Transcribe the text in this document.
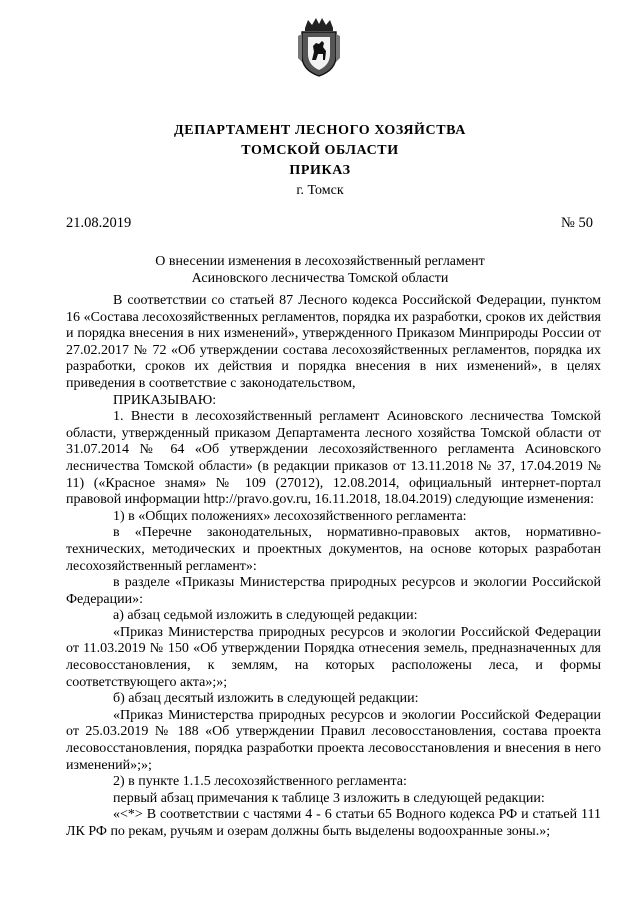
ДЕПАРТАМЕНТ ЛЕСНОГО ХОЗЯЙСТВА
ТОМСКОЙ ОБЛАСТИ
ПРИКАЗ
г. Томск
21.08.2019	№ 50
О внесении изменения в лесохозяйственный регламент
Асиновского лесничества Томской области

В соответствии со статьей 87 Лесного кодекса Российской Федерации, пунктом 16 «Состава лесохозяйственных регламентов, порядка их разработки, сроков их действия и порядка внесения в них изменений», утвержденного Приказом Минприроды России от 27.02.2017 № 72 «Об утверждении состава лесохозяйственных регламентов, порядка их разработки, сроков их действия и порядка внесения в них изменений», в целях приведения в соответствие с законодательством,

ПРИКАЗЫВАЮ:

1. Внести в лесохозяйственный регламент Асиновского лесничества Томской области, утвержденный приказом Департамента лесного хозяйства Томской области от 31.07.2014 № 64 «Об утверждении лесохозяйственного регламента Асиновского лесничества Томской области» (в редакции приказов от 13.11.2018 № 37, 17.04.2019 № 11) («Красное знамя» № 109 (27012), 12.08.2014, официальный интернет-портал правовой информации http://pravo.gov.ru, 16.11.2018, 18.04.2019) следующие изменения:

1) в «Общих положениях» лесохозяйственного регламента:

в «Перечне законодательных, нормативно-правовых актов, нормативно-технических, методических и проектных документов, на основе которых разработан лесохозяйственный регламент»:

в разделе «Приказы Министерства природных ресурсов и экологии Российской Федерации»:

а) абзац седьмой изложить в следующей редакции:

«Приказ Министерства природных ресурсов и экологии Российской Федерации от 11.03.2019 № 150 «Об утверждении Порядка отнесения земель, предназначенных для лесовосстановления, к землям, на которых расположены леса, и формы соответствующего акта»;»;

б) абзац десятый изложить в следующей редакции:

«Приказ Министерства природных ресурсов и экологии Российской Федерации от 25.03.2019 № 188 «Об утверждении Правил лесовосстановления, состава проекта лесовосстановления, порядка разработки проекта лесовосстановления и внесения в него изменений»;»;

2) в пункте 1.1.5 лесохозяйственного регламента:

первый абзац примечания к таблице 3 изложить в следующей редакции:

«<*> В соответствии с частями 4 - 6 статьи 65 Водного кодекса РФ и статьей 111 ЛК РФ по рекам, ручьям и озерам должны быть выделены водоохранные зоны.»;
